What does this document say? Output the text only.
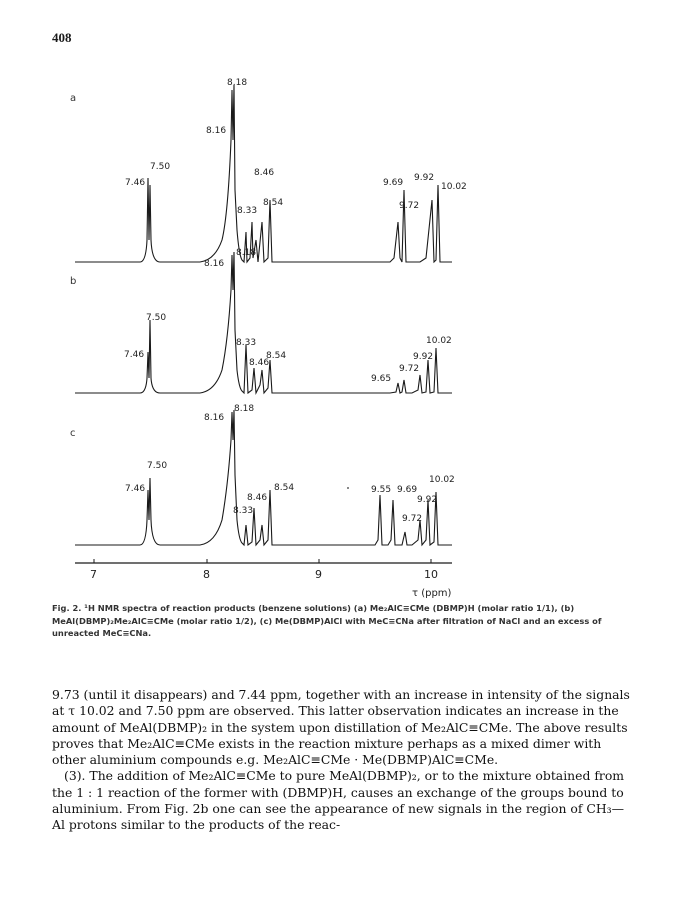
408
a
b
c
7	8	9	10
τ (ppm)
8.18
8.16
7.50
7.46
8.46
8.33
8.54
9.69 9.92
10.02
9.72
8.18
8.16
7.50
7.46
8.33
8.46
8.54
10.02
9.92
9.72
9.65
8.18
8.16
7.50
7.46	8.54
8.46
8.33
10.02
9.55 9.69
9.92
9.72
Fig. 2. ¹H NMR spectra of reaction products (benzene solutions) (a) Me₂AlC≡CMe (DBMP)H (molar ratio 1/1), (b) MeAl(DBMP)₂Me₂AlC≡CMe (molar ratio 1/2), (c) Me(DBMP)AlCl with MeC≡CNa after filtration of NaCl and an excess of unreacted MeC≡CNa.

9.73 (until it disappears) and 7.44 ppm, together with an increase in intensity of the signals at τ 10.02 and 7.50 ppm are observed. This latter observation indicates an increase in the amount of MeAl(DBMP)₂ in the system upon distillation of Me₂AlC≡CMe. The above results proves that Me₂AlC≡CMe exists in the reaction mixture perhaps as a mixed dimer with other aluminium compounds e.g. Me₂AlC≡CMe · Me(DBMP)AlC≡CMe.

(3). The addition of Me₂AlC≡CMe to pure MeAl(DBMP)₂, or to the mixture obtained from the 1 : 1 reaction of the former with (DBMP)H, causes an exchange of the groups bound to aluminium. From Fig. 2b one can see the appearance of new signals in the region of CH₃—Al protons similar to the products of the reac-
